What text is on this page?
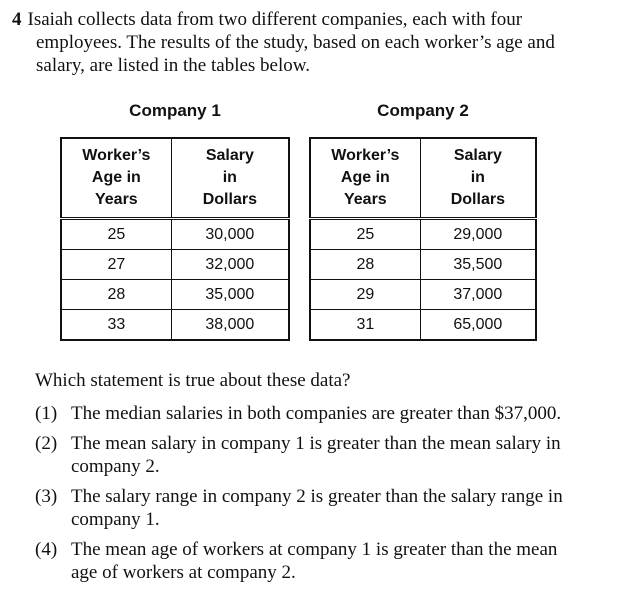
4 Isaiah collects data from two different companies, each with four
employees. The results of the study, based on each worker’s age and
salary, are listed in the tables below.
Company 1	Company 2
Worker’s
Age in
Years	Salary
in
Dollars

25	30,000
27	32,000
28	35,000
33	38,000
Worker’s
Age in
Years	Salary
in
Dollars

25	29,000
28	35,500
29	37,000
31	65,000
Which statement is true about these data?
(1) The median salaries in both companies are greater than $37,000.
(2) The mean salary in company 1 is greater than the mean salary in
company 2.
(3) The salary range in company 2 is greater than the salary range in
company 1.
(4) The mean age of workers at company 1 is greater than the mean
age of workers at company 2.
